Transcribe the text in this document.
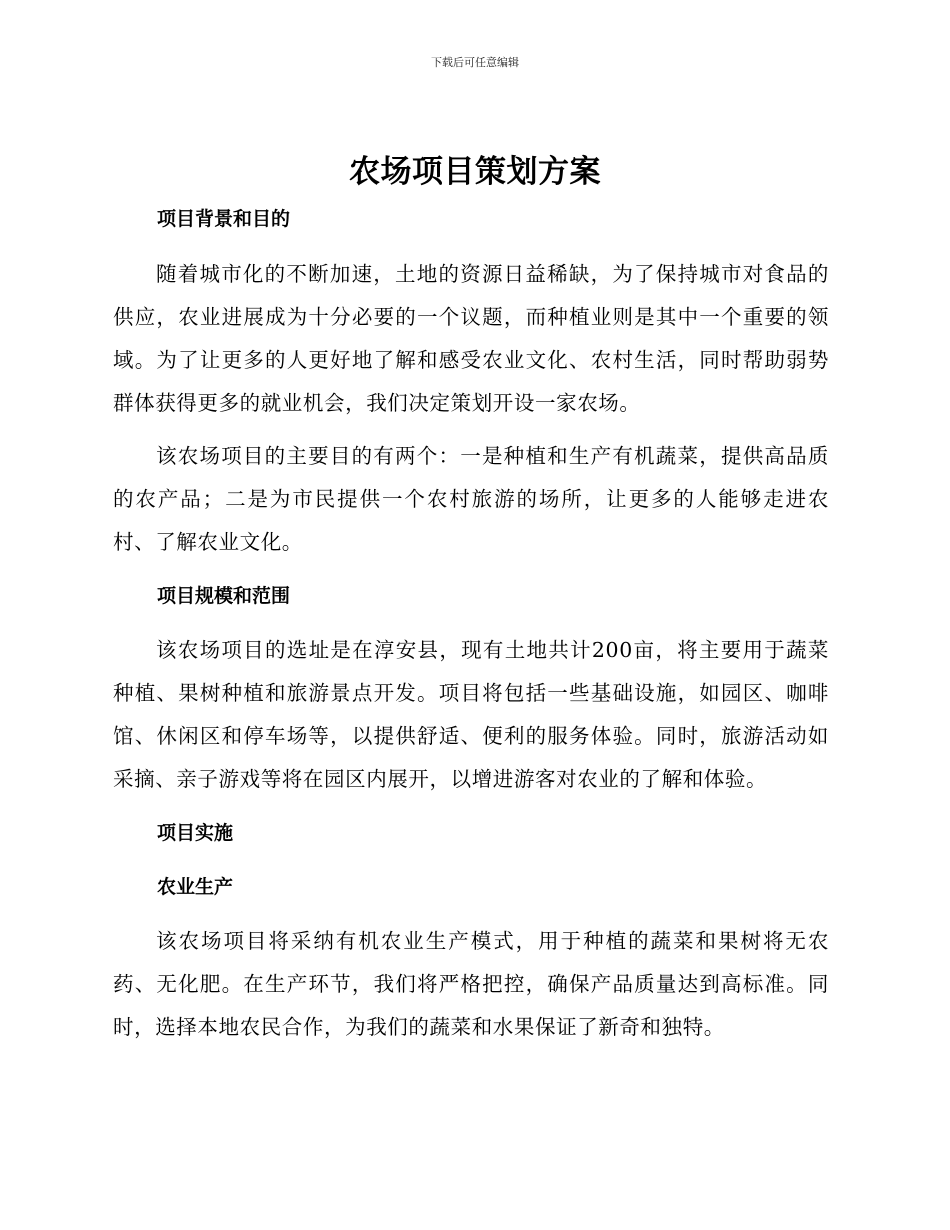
下载后可任意编辑
农场项目策划方案
项目背景和目的

随着城市化的不断加速，土地的资源日益稀缺，为了保持城市对食品的供应，农业进展成为十分必要的一个议题，而种植业则是其中一个重要的领域。为了让更多的人更好地了解和感受农业文化、农村生活，同时帮助弱势群体获得更多的就业机会，我们决定策划开设一家农场。

该农场项目的主要目的有两个：一是种植和生产有机蔬菜，提供高品质的农产品；二是为市民提供一个农村旅游的场所，让更多的人能够走进农村、了解农业文化。

项目规模和范围

该农场项目的选址是在淳安县，现有土地共计200亩，将主要用于蔬菜种植、果树种植和旅游景点开发。项目将包括一些基础设施，如园区、咖啡馆、休闲区和停车场等，以提供舒适、便利的服务体验。同时，旅游活动如采摘、亲子游戏等将在园区内展开，以增进游客对农业的了解和体验。

项目实施
农业生产

该农场项目将采纳有机农业生产模式，用于种植的蔬菜和果树将无农药、无化肥。在生产环节，我们将严格把控，确保产品质量达到高标准。同时，选择本地农民合作，为我们的蔬菜和水果保证了新奇和独特。
